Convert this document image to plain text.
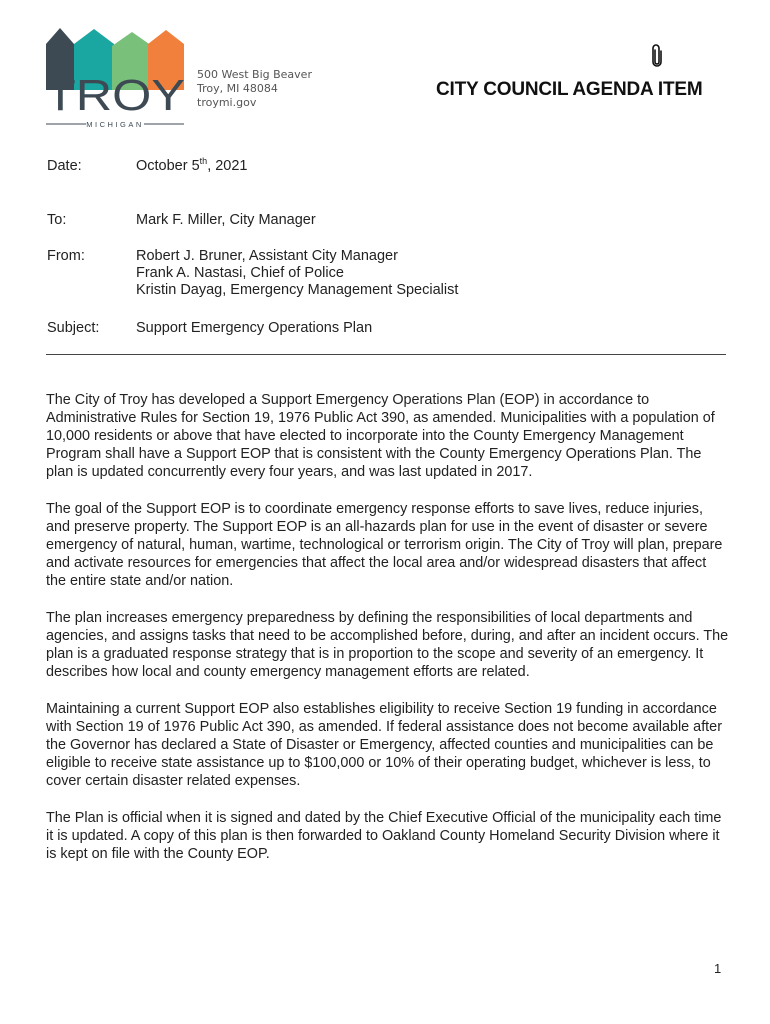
TROY
MICHIGAN
500 West Big Beaver
Troy, MI 48084
troymi.gov
CITY COUNCIL AGENDA ITEM
Date:	October 5th, 2021
To:	Mark F. Miller, City Manager
From:	Robert J. Bruner, Assistant City Manager
Frank A. Nastasi, Chief of Police
Kristin Dayag, Emergency Management Specialist
Subject:	Support Emergency Operations Plan

The City of Troy has developed a Support Emergency Operations Plan (EOP) in accordance to Administrative Rules for Section 19, 1976 Public Act 390, as amended. Municipalities with a population of 10,000 residents or above that have elected to incorporate into the County Emergency Management Program shall have a Support EOP that is consistent with the County Emergency Operations Plan. The plan is updated concurrently every four years, and was last updated in 2017.

The goal of the Support EOP is to coordinate emergency response efforts to save lives, reduce injuries, and preserve property. The Support EOP is an all-hazards plan for use in the event of disaster or severe emergency of natural, human, wartime, technological or terrorism origin. The City of Troy will plan, prepare and activate resources for emergencies that affect the local area and/or widespread disasters that affect the entire state and/or nation.

The plan increases emergency preparedness by defining the responsibilities of local departments and agencies, and assigns tasks that need to be accomplished before, during, and after an incident occurs. The plan is a graduated response strategy that is in proportion to the scope and severity of an emergency. It describes how local and county emergency management efforts are related.

Maintaining a current Support EOP also establishes eligibility to receive Section 19 funding in accordance with Section 19 of 1976 Public Act 390, as amended. If federal assistance does not become available after the Governor has declared a State of Disaster or Emergency, affected counties and municipalities can be eligible to receive state assistance up to $100,000 or 10% of their operating budget, whichever is less, to cover certain disaster related expenses.

The Plan is official when it is signed and dated by the Chief Executive Official of the municipality each time it is updated. A copy of this plan is then forwarded to Oakland County Homeland Security Division where it is kept on file with the County EOP.

1
